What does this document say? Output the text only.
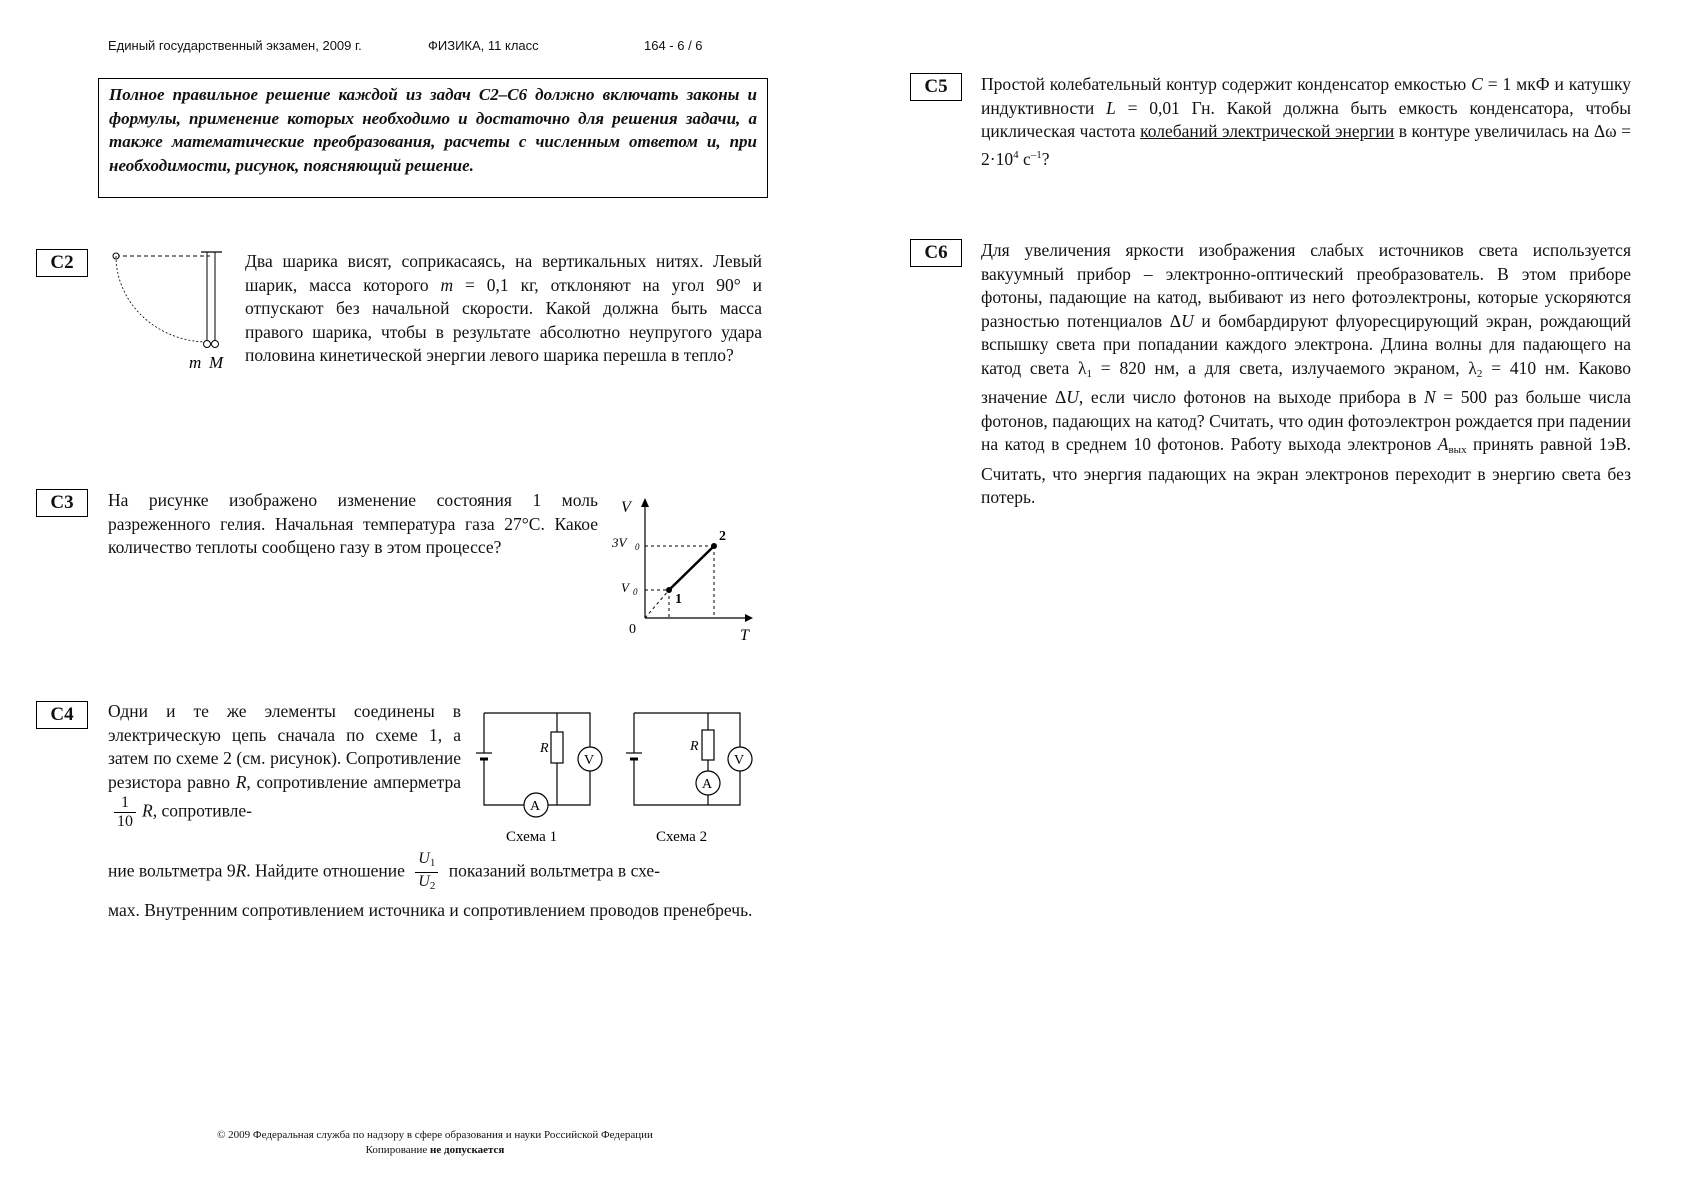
Единый государственный экзамен, 2009 г.	ФИЗИКА, 11 класс	164 - 6 / 6
Полное правильное решение каждой из задач С2–С6 должно включать законы и формулы, применение которых необходимо и достаточно для решения задачи, а также математические преобразования, расчеты с численным ответом и, при необходимости, рисунок, поясняющий решение.
С2
m M

Два шарика висят, соприкасаясь, на вертикальных нитях. Левый шарик, масса которого m = 0,1 кг, отклоняют на угол 90° и отпускают без начальной скорости. Какой должна быть масса правого шарика, чтобы в результате абсолютно неупругого удара половина кинетической энергии левого шарика перешла в тепло?

С3	На рисунке изображено изменение состояния 1 моль разреженного гелия. Начальная температура газа 27°С. Какое количество теплоты сообщено газу в этом процессе?
V
T
0
3V 0
V 0	1
2
С4	Одни и те же элементы соединены в электрическую цепь сначала по схеме 1, а затем по схеме 2 (см. рисунок). Сопротивление резистора равно R, сопротивление амперметра
$\frac{1}{10} R$, сопротивле-

ние вольтметра 9R. Найдите отношение $\frac{U_1}{U_2}$ показаний вольтметра в схе-

мах. Внутренним сопротивлением источника и сопротивлением проводов пренебречь.

R
V
A
Схема 1
R
A
V
Схема 2
С5	Простой колебательный контур содержит конденсатор емкостью C = 1 мкФ и катушку индуктивности L = 0,01 Гн. Какой должна быть емкость конденсатора, чтобы циклическая частота колебаний электрической энергии в контуре увеличилась на $\Delta\omega = 2\cdot 10^4$ $с^{-1}$?

С6	Для увеличения яркости изображения слабых источников света используется вакуумный прибор – электронно-оптический преобразователь. В этом приборе фотоны, падающие на катод, выбивают из него фотоэлектроны, которые ускоряются разностью потенциалов ΔU и бомбардируют флуоресцирующий экран, рождающий вспышку света при попадании каждого электрона. Длина волны для падающего на катод света $\lambda_1 = 820$ нм, а для света, излучаемого экраном, $\lambda_2 = 410$ нм. Каково значение ΔU, если число фотонов на выходе прибора в N = 500 раз больше числа фотонов, падающих на катод? Считать, что один фотоэлектрон рождается при падении на катод в среднем 10 фотонов. Работу выхода электронов $A_{вых}$ принять равной 1эВ. Считать, что энергия падающих на экран электронов переходит в энергию света без потерь.

© 2009 Федеральная служба по надзору в сфере образования и науки Российской Федерации
Копирование не допускается
